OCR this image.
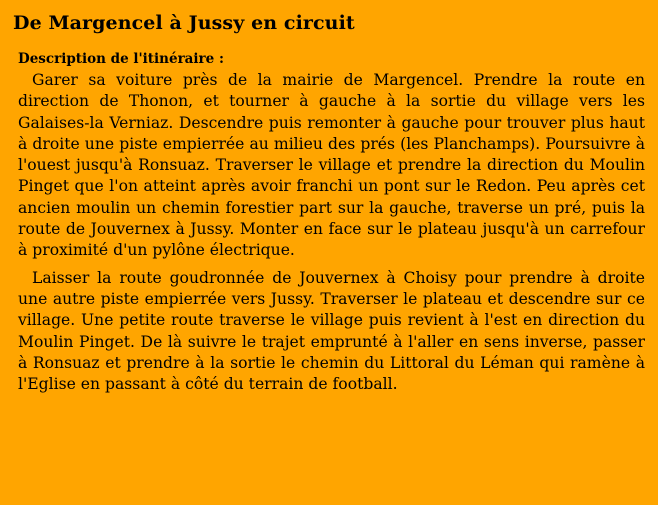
De Margencel à Jussy en circuit
Description de l'itinéraire :

Garer sa voiture près de la mairie de Margencel. Prendre la route en direction de Thonon, et tourner à gauche à la sortie du village vers les Galaises-la Verniaz. Descendre puis remonter à gauche pour trouver plus haut à droite une piste empierrée au milieu des prés (les Planchamps). Poursuivre à l'ouest jusqu'à Ronsuaz. Traverser le village et prendre la direction du Moulin Pinget que l'on atteint après avoir franchi un pont sur le Redon. Peu après cet ancien moulin un chemin forestier part sur la gauche, traverse un pré, puis la route de Jouvernex à Jussy. Monter en face sur le plateau jusqu'à un carrefour à proximité d'un pylône électrique.

Laisser la route goudronnée de Jouvernex à Choisy pour prendre à droite une autre piste empierrée vers Jussy. Traverser le plateau et descendre sur ce village. Une petite route traverse le village puis revient à l'est en direction du Moulin Pinget. De là suivre le trajet emprunté à l'aller en sens inverse, passer à Ronsuaz et prendre à la sortie le chemin du Littoral du Léman qui ramène à l'Eglise en passant à côté du terrain de football.
